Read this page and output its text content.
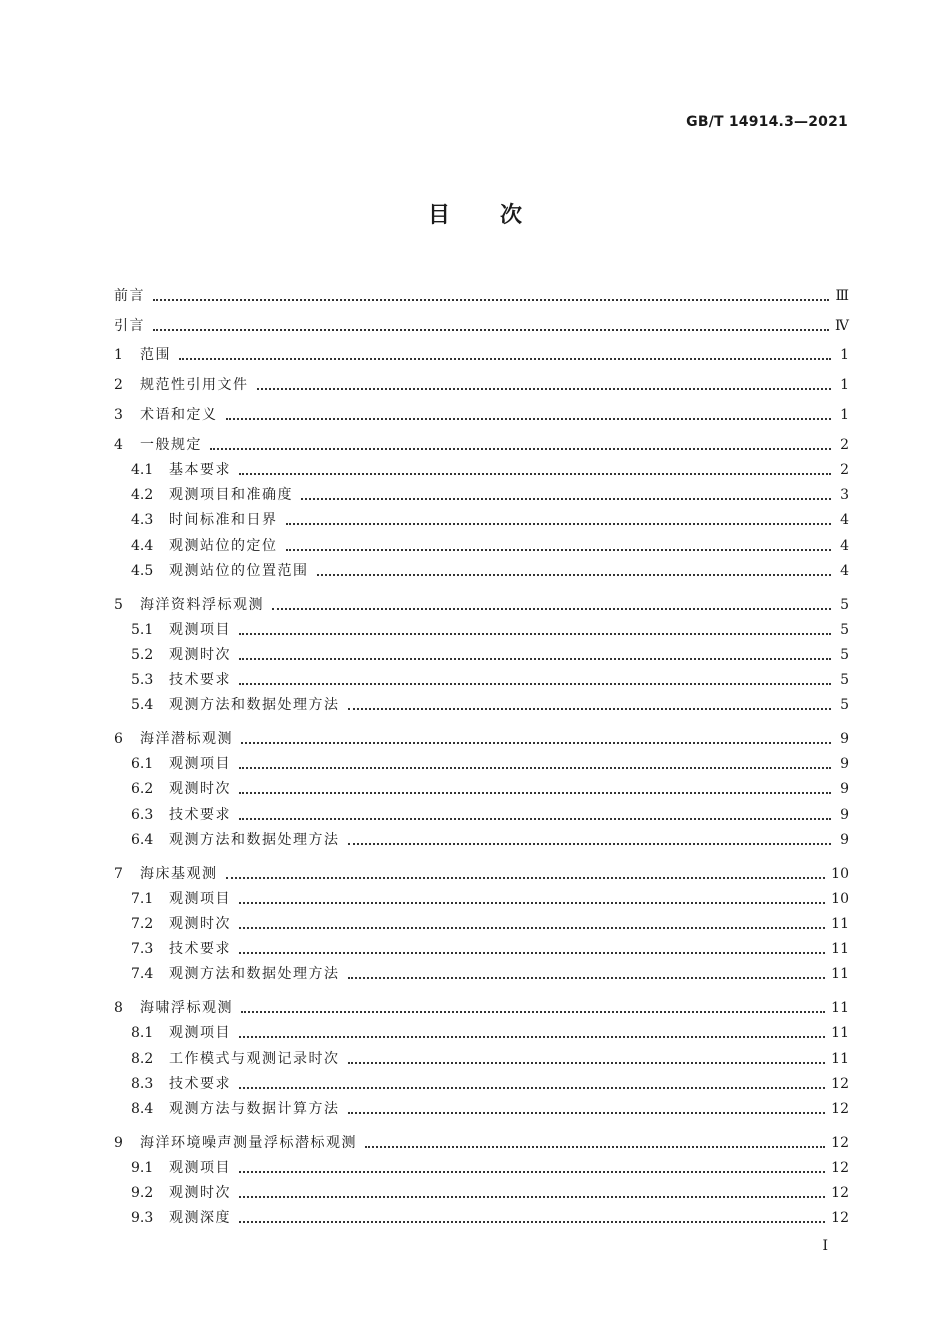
GB/T 14914.3—2021
目 次
前言	Ⅲ
引言	Ⅳ
1	范围	1
2	规范性引用文件	1
3	术语和定义	1
4	一般规定	2
4.1	基本要求	2
4.2	观测项目和准确度	3
4.3	时间标准和日界	4
4.4	观测站位的定位	4
4.5	观测站位的位置范围	4
5	海洋资料浮标观测	5
5.1	观测项目	5
5.2	观测时次	5
5.3	技术要求	5
5.4	观测方法和数据处理方法	5
6	海洋潜标观测	9
6.1	观测项目	9
6.2	观测时次	9
6.3	技术要求	9
6.4	观测方法和数据处理方法	9
7	海床基观测	10
7.1	观测项目	10
7.2	观测时次	11
7.3	技术要求	11
7.4	观测方法和数据处理方法	11
8	海啸浮标观测	11
8.1	观测项目	11
8.2	工作模式与观测记录时次	11
8.3	技术要求	12
8.4	观测方法与数据计算方法	12
9	海洋环境噪声测量浮标潜标观测	12
9.1	观测项目	12
9.2	观测时次	12
9.3	观测深度	12
I
